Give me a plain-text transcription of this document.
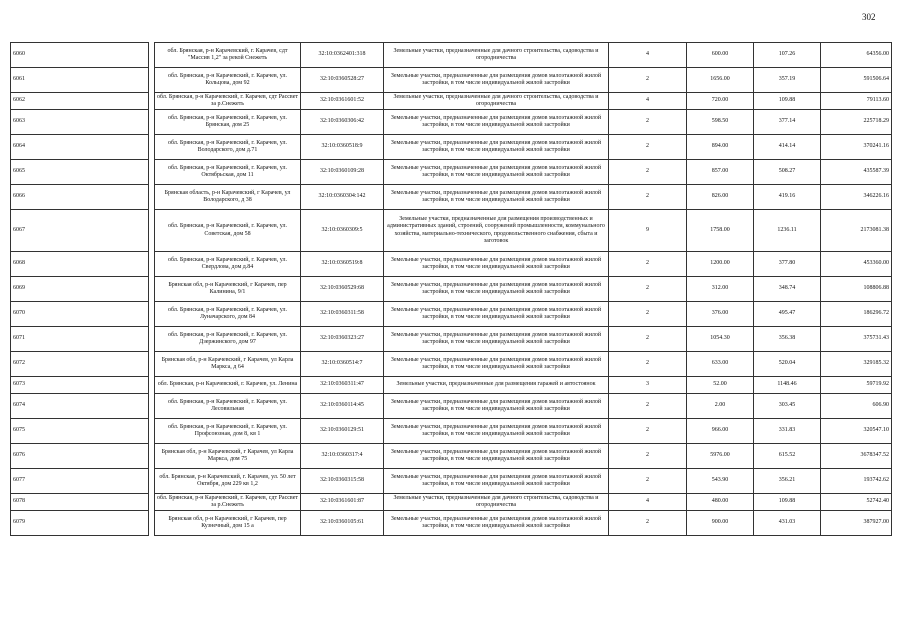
302
6060		обл. Брянская, р-н Карачевский, г. Карачев, сдт "Массив 1,2" за рекой Снежеть	32:10:0362401:318	Земельные участки, предназначенные для дачного строительства, садоводства и огородничества	4	600.00	107.26	64356.00
6061		обл. Брянская, р-н Карачевский, г. Карачев, ул. Кольцова, дом 92	32:10:0360528:27	Земельные участки, предназначенные для размещения домов малоэтажной жилой застройки, в том числе индивидуальной жилой застройки	2	1656.00	357.19	591506.64
6062		обл. Брянская, р-н Карачевский, г. Карачев, сдт Рассвет за р.Снежеть	32:10:0361601:52	Земельные участки, предназначенные для дачного строительства, садоводства и огородничества	4	720.00	109.88	79113.60
6063		обл. Брянская, р-н Карачевский, г. Карачев, ул. Брянская, дом 25	32:10:0360306:42	Земельные участки, предназначенные для размещения домов малоэтажной жилой застройки, в том числе индивидуальной жилой застройки	2	598.50	377.14	225718.29
6064		обл. Брянская, р-н Карачевский, г. Карачев, ул. Володарского, дом д.71	32:10:0360518:9	Земельные участки, предназначенные для размещения домов малоэтажной жилой застройки, в том числе индивидуальной жилой застройки	2	894.00	414.14	370241.16
6065		обл. Брянская, р-н Карачевский, г. Карачев, ул. Октябрьская, дом 11	32:10:0360109:28	Земельные участки, предназначенные для размещения домов малоэтажной жилой застройки, в том числе индивидуальной жилой застройки	2	857.00	508.27	435587.39
6066		Брянская область, р-н Карачевский, г Карачев, ул Володарского, д 38	32:10:0360304:142	Земельные участки, предназначенные для размещения домов малоэтажной жилой застройки, в том числе индивидуальной жилой застройки	2	826.00	419.16	346226.16
6067		обл. Брянская, р-н Карачевский, г. Карачев, ул. Советская, дом 58	32:10:0360309:5	Земельные участки, предназначенные для размещения производственных и административных зданий, строений, сооружений промышленности, коммунального хозяйства, материально-технического, продовольственного снабжения, сбыта и заготовок	9	1758.00	1236.11	2173081.38
6068		обл. Брянская, р-н Карачевский, г. Карачев, ул. Свердлова, дом д.84	32:10:0360519:8	Земельные участки, предназначенные для размещения домов малоэтажной жилой застройки, в том числе индивидуальной жилой застройки	2	1200.00	377.80	453360.00
6069		Брянская обл, р-н Карачевский, г Карачев, пер Калинина, 9/1	32:10:0360529:68	Земельные участки, предназначенные для размещения домов малоэтажной жилой застройки, в том числе индивидуальной жилой застройки	2	312.00	348.74	108806.88
6070		обл. Брянская, р-н Карачевский, г. Карачев, ул. Луначарского, дом 84	32:10:0360311:58	Земельные участки, предназначенные для размещения домов малоэтажной жилой застройки, в том числе индивидуальной жилой застройки	2	376.00	495.47	186296.72
6071		обл. Брянская, р-н Карачевский, г. Карачев, ул. Дзержинского, дом 97	32:10:0360323:27	Земельные участки, предназначенные для размещения домов малоэтажной жилой застройки, в том числе индивидуальной жилой застройки	2	1054.30	356.38	375731.43
6072		Брянская обл, р-н Карачевский, г Карачев, ул Карла Маркса, д 64	32:10:0360514:7	Земельные участки, предназначенные для размещения домов малоэтажной жилой застройки, в том числе индивидуальной жилой застройки	2	633.00	520.04	329185.32
6073		обл. Брянская, р-н Карачевский, г. Карачев, ул. Ленина	32:10:0360311:47	Земельные участки, предназначенные для размещения гаражей и автостоянок	3	52.00	1148.46	59719.92
6074		обл. Брянская, р-н Карачевский, г. Карачев, ул. Лесовильная	32:10:0360114:45	Земельные участки, предназначенные для размещения домов малоэтажной жилой застройки, в том числе индивидуальной жилой застройки	2	2.00	303.45	606.90
6075		обл. Брянская, р-н Карачевский, г. Карачев, ул. Профсоюзная, дом 8, кв 1	32:10:0360129:51	Земельные участки, предназначенные для размещения домов малоэтажной жилой застройки, в том числе индивидуальной жилой застройки	2	966.00	331.83	320547.10
6076		Брянская обл, р-н Карачевский, г Карачев, ул Карла Маркса, дом 75	32:10:0360317:4	Земельные участки, предназначенные для размещения домов малоэтажной жилой застройки, в том числе индивидуальной жилой застройки	2	5976.00	615.52	3678347.52
6077		обл. Брянская, р-н Карачевский, г. Карачев, ул. 50 лет Октября, дом 229 кв 1,2	32:10:0360315:58	Земельные участки, предназначенные для размещения домов малоэтажной жилой застройки, в том числе индивидуальной жилой застройки	2	543.90	356.21	193742.62
6078		обл. Брянская, р-н Карачевский, г. Карачев, сдт Рассвет за р.Снежеть	32:10:0361601:87	Земельные участки, предназначенные для дачного строительства, садоводства и огородничества	4	480.00	109.88	52742.40
6079		Брянская обл, р-н Карачевский, г Карачев, пер Кузнечный, дом 15 а	32:10:0360105:61	Земельные участки, предназначенные для размещения домов малоэтажной жилой застройки, в том числе индивидуальной жилой застройки	2	900.00	431.03	387927.00
